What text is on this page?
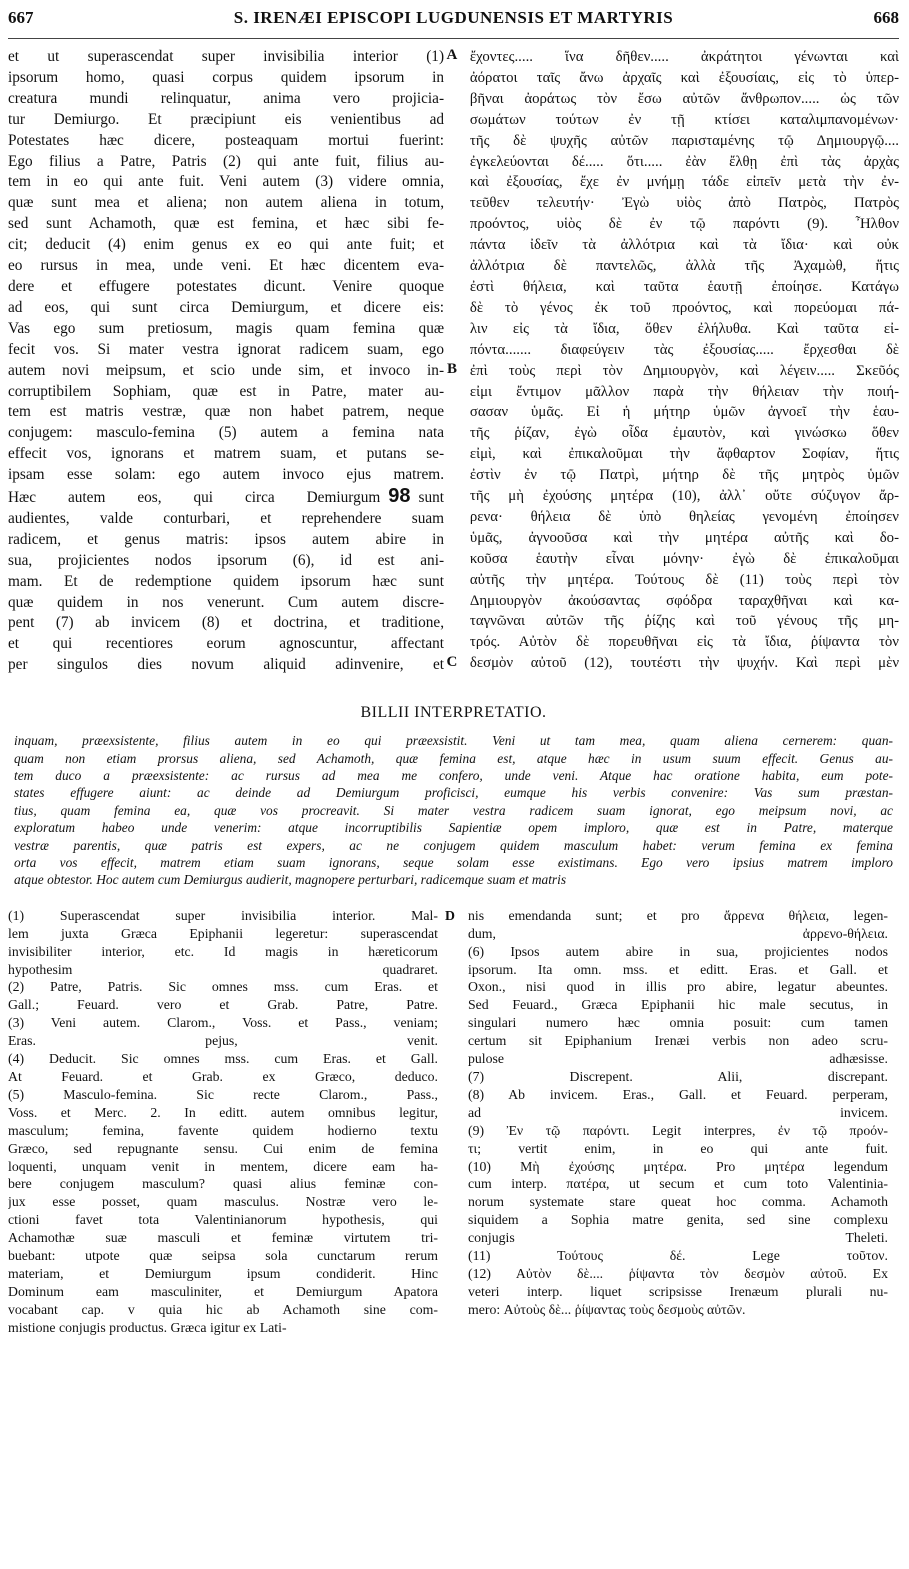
667	S. IRENÆI EPISCOPI LUGDUNENSIS ET MARTYRIS	668
et ut superascendat super invisibilia interior (1)
ipsorum homo, quasi corpus quidem ipsorum in
creatura mundi relinquatur, anima vero projicia-
tur Demiurgo. Et præcipiunt eis venientibus ad
Potestates hæc dicere, posteaquam mortui fuerint:
Ego filius a Patre, Patris (2) qui ante fuit, filius au-
tem in eo qui ante fuit. Veni autem (3) videre omnia,
quæ sunt mea et aliena; non autem aliena in totum,
sed sunt Achamoth, quæ est femina, et hæc sibi fe-
cit; deducit (4) enim genus ex eo qui ante fuit; et
eo rursus in mea, unde veni. Et hæc dicentem eva-
dere et effugere potestates dicunt. Venire quoque
ad eos, qui sunt circa Demiurgum, et dicere eis:
Vas ego sum pretiosum, magis quam femina quæ
fecit vos. Si mater vestra ignorat radicem suam, ego
autem novi meipsum, et scio unde sim, et invoco in-
corruptibilem Sophiam, quæ est in Patre, mater au-
tem est matris vestræ, quæ non habet patrem, neque
conjugem: masculo-femina (5) autem a femina nata
effecit vos, ignorans et matrem suam, et putans se-
ipsam esse solam: ego autem invoco ejus matrem.
Hæc autem eos, qui circa Demiurgum 98 sunt
audientes, valde conturbari, et reprehendere suam
radicem, et genus matris: ipsos autem abire in
sua, projicientes nodos ipsorum (6), id est ani-
mam. Et de redemptione quidem ipsorum hæc sunt
quæ quidem in nos venerunt. Cum autem discre-
pent (7) ab invicem (8) et doctrina, et traditione,
et qui recentiores eorum agnoscuntur, affectant
per singulos dies novum aliquid adinvenire, et
A
B
C
ἔχοντες..... ἵνα δῆθεν..... ἀκράτητοι γένωνται καὶ
ἀόρατοι ταῖς ἄνω ἀρχαῖς καὶ ἐξουσίαις, εἰς τὸ ὑπερ-
βῆναι ἀοράτως τὸν ἔσω αὐτῶν ἄνθρωπον..... ὡς τῶν
σωμάτων τούτων ἐν τῇ κτίσει καταλιμπανομένων·
τῆς δὲ ψυχῆς αὐτῶν παρισταμένης τῷ Δημιουργῷ....
ἐγκελεύονται δέ..... ὅτι..... ἐὰν ἔλθῃ ἐπὶ τὰς ἀρχὰς
καὶ ἐξουσίας, ἔχε ἐν μνήμῃ τάδε εἰπεῖν μετὰ τὴν ἐν-
τεῦθεν τελευτήν· Ἐγὼ υἱὸς ἀπὸ Πατρὸς, Πατρὸς
προόντος, υἱὸς δὲ ἐν τῷ παρόντι (9). Ἦλθον
πάντα ἰδεῖν τὰ ἀλλότρια καὶ τὰ ἴδια· καὶ οὐκ
ἀλλότρια δὲ παντελῶς, ἀλλὰ τῆς Ἀχαμὼθ, ἥτις
ἐστὶ θήλεια, καὶ ταῦτα ἑαυτῇ ἐποίησε. Κατάγω
δὲ τὸ γένος ἐκ τοῦ προόντος, καὶ πορεύομαι πά-
λιν εἰς τὰ ἴδια, ὅθεν ἐλήλυθα. Καὶ ταῦτα εἰ-
πόντα....... διαφεύγειν τὰς ἐξουσίας..... ἔρχεσθαι δὲ
ἐπὶ τοὺς περὶ τὸν Δημιουργὸν, καὶ λέγειν..... Σκεῦός
εἰμι ἔντιμον μᾶλλον παρὰ τὴν θήλειαν τὴν ποιή-
σασαν ὑμᾶς. Εἰ ἡ μήτηρ ὑμῶν ἀγνοεῖ τὴν ἑαυ-
τῆς ῥίζαν, ἐγὼ οἶδα ἐμαυτὸν, καὶ γινώσκω ὅθεν
εἰμὶ, καὶ ἐπικαλοῦμαι τὴν ἄφθαρτον Σοφίαν, ἥτις
ἐστὶν ἐν τῷ Πατρὶ, μήτηρ δὲ τῆς μητρὸς ὑμῶν
τῆς μὴ ἐχούσης μητέρα (10), ἀλλ᾽ οὔτε σύζυγον ἄρ-
ρενα· θήλεια δὲ ὑπὸ θηλείας γενομένη ἐποίησεν
ὑμᾶς, ἀγνοοῦσα καὶ τὴν μητέρα αὐτῆς καὶ δο-
κοῦσα ἑαυτὴν εἶναι μόνην· ἐγὼ δὲ ἐπικαλοῦμαι
αὐτῆς τὴν μητέρα. Τούτους δὲ (11) τοὺς περὶ τὸν
Δημιουργὸν ἀκούσαντας σφόδρα ταραχθῆναι καὶ κα-
ταγνῶναι αὐτῶν τῆς ῥίζης καὶ τοῦ γένους τῆς μη-
τρός. Αὐτὸν δὲ πορευθῆναι εἰς τὰ ἴδια, ῥίψαντα τὸν
δεσμὸν αὐτοῦ (12), τουτέστι τὴν ψυχήν. Καὶ περὶ μὲν
BILLII INTERPRETATIO.
inquam, præexsistente, filius autem in eo qui præexsistit. Veni ut tam mea, quam aliena cernerem: quan-
quam non etiam prorsus aliena, sed Achamoth, quæ femina est, atque hæc in usum suum effecit. Genus au-
tem duco a præexsistente: ac rursus ad mea me confero, unde veni. Atque hac oratione habita, eum pote-
states effugere aiunt: ac deinde ad Demiurgum proficisci, eumque his verbis convenire: Vas sum præstan-
tius, quam femina ea, quæ vos procreavit. Si mater vestra radicem suam ignorat, ego meipsum novi, ac
exploratum habeo unde venerim: atque incorruptibilis Sapientiæ opem imploro, quæ est in Patre, materque
vestræ parentis, quæ patris est expers, ac ne conjugem quidem masculum habet: verum femina ex femina
orta vos effecit, matrem etiam suam ignorans, seque solam esse existimans. Ego vero ipsius matrem imploro
atque obtestor. Hoc autem cum Demiurgus audierit, magnopere perturbari, radicemque suam et matris
(1) Superascendat super invisibilia interior. Mal-
lem juxta Græca Epiphanii legeretur: superascendat
invisibiliter interior, etc. Id magis in hæreticorum
hypothesim quadraret.
(2) Patre, Patris. Sic omnes mss. cum Eras. et
Gall.; Feuard. vero et Grab. Patre, Patre.
(3) Veni autem. Clarom., Voss. et Pass., veniam;
Eras. pejus, venit.
(4) Deducit. Sic omnes mss. cum Eras. et Gall.
At Feuard. et Grab. ex Græco, deduco.
(5) Masculo-femina. Sic recte Clarom., Pass.,
Voss. et Merc. 2. In editt. autem omnibus legitur,
masculum; femina, favente quidem hodierno textu
Græco, sed repugnante sensu. Cui enim de femina
loquenti, unquam venit in mentem, dicere eam ha-
bere conjugem masculum? quasi alius feminæ con-
jux esse posset, quam masculus. Nostræ vero le-
ctioni favet tota Valentinianorum hypothesis, qui
Achamothæ suæ masculi et feminæ virtutem tri-
buebant: utpote quæ seipsa sola cunctarum rerum
materiam, et Demiurgum ipsum condiderit. Hinc
Dominum eam masculiniter, et Demiurgum Apatora
vocabant cap. v quia hic ab Achamoth sine com-
mistione conjugis productus. Græca igitur ex Lati-
D nis emendanda sunt; et pro ἄρρενα θήλεια, legen-
dum, ἀρρενο-θήλεια.
(6) Ipsos autem abire in sua, projicientes nodos
ipsorum. Ita omn. mss. et editt. Eras. et Gall. et
Oxon., nisi quod in illis pro abire, legatur abeuntes.
Sed Feuard., Græca Epiphanii hic male secutus, in
singulari numero hæc omnia posuit: cum tamen
certum sit Epiphanium Irenæi verbis non adeo scru-
pulose adhæsisse.
(7) Discrepent. Alii, discrepant.
(8) Ab invicem. Eras., Gall. et Feuard. perperam,
ad invicem.
(9) Ἐν τῷ παρόντι. Legit interpres, ἐν τῷ προόν-
τι; vertit enim, in eo qui ante fuit.
(10) Μὴ ἐχούσης μητέρα. Pro μητέρα legendum
cum interp. πατέρα, ut secum et cum toto Valentinia-
norum systemate stare queat hoc comma. Achamoth
siquidem a Sophia matre genita, sed sine complexu
conjugis Theleti.
(11) Τούτους δέ. Lege τοῦτον.
(12) Αὐτὸν δὲ.... ῥίψαντα τὸν δεσμὸν αὐτοῦ. Ex
veteri interp. liquet scripsisse Irenæum plurali nu-
mero: Αὐτοὺς δὲ... ῥίψαντας τοὺς δεσμοὺς αὐτῶν.
